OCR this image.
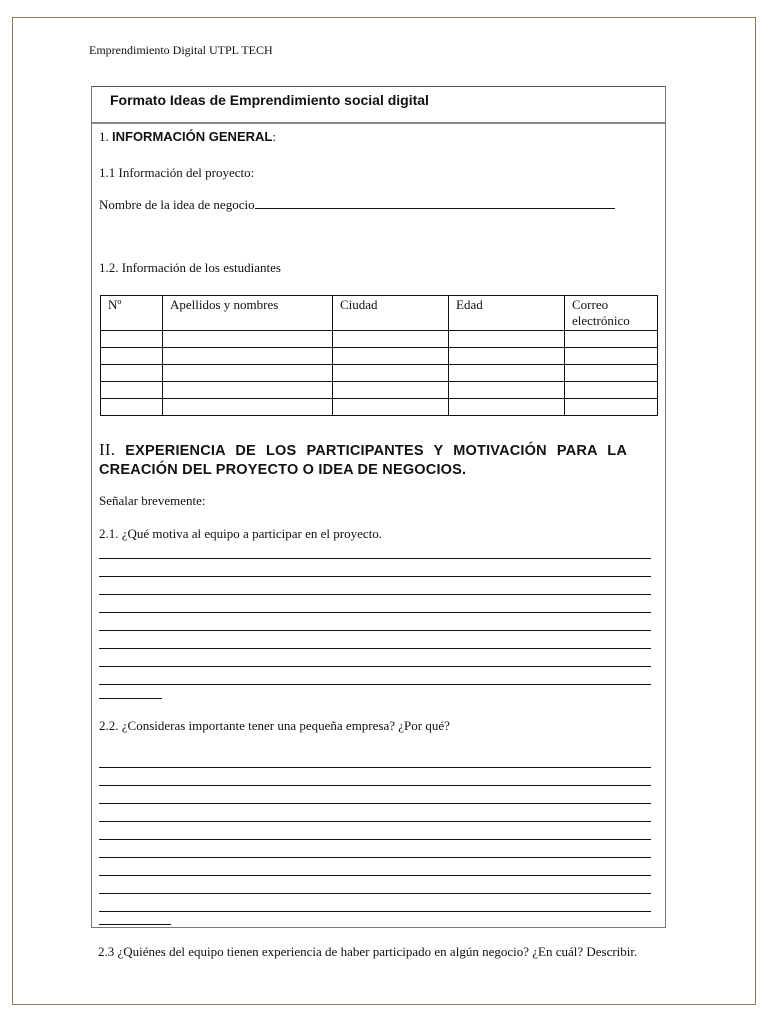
Emprendimiento Digital UTPL TECH
Formato Ideas de Emprendimiento social digital
1. INFORMACIÓN GENERAL:
1.1 Información del proyecto:
Nombre de la idea de negocio
1.2. Información de los estudiantes
Nº	Apellidos y nombres	Ciudad	Edad	Correo electrónico

II. EXPERIENCIA DE LOS PARTICIPANTES Y MOTIVACIÓN PARA LA CREACIÓN DEL PROYECTO O IDEA DE NEGOCIOS.
Señalar brevemente:
2.1. ¿Qué motiva al equipo a participar en el proyecto.
2.2. ¿Consideras importante tener una pequeña empresa? ¿Por qué?
2.3 ¿Quiénes del equipo tienen experiencia de haber participado en algún negocio? ¿En cuál? Describir.
